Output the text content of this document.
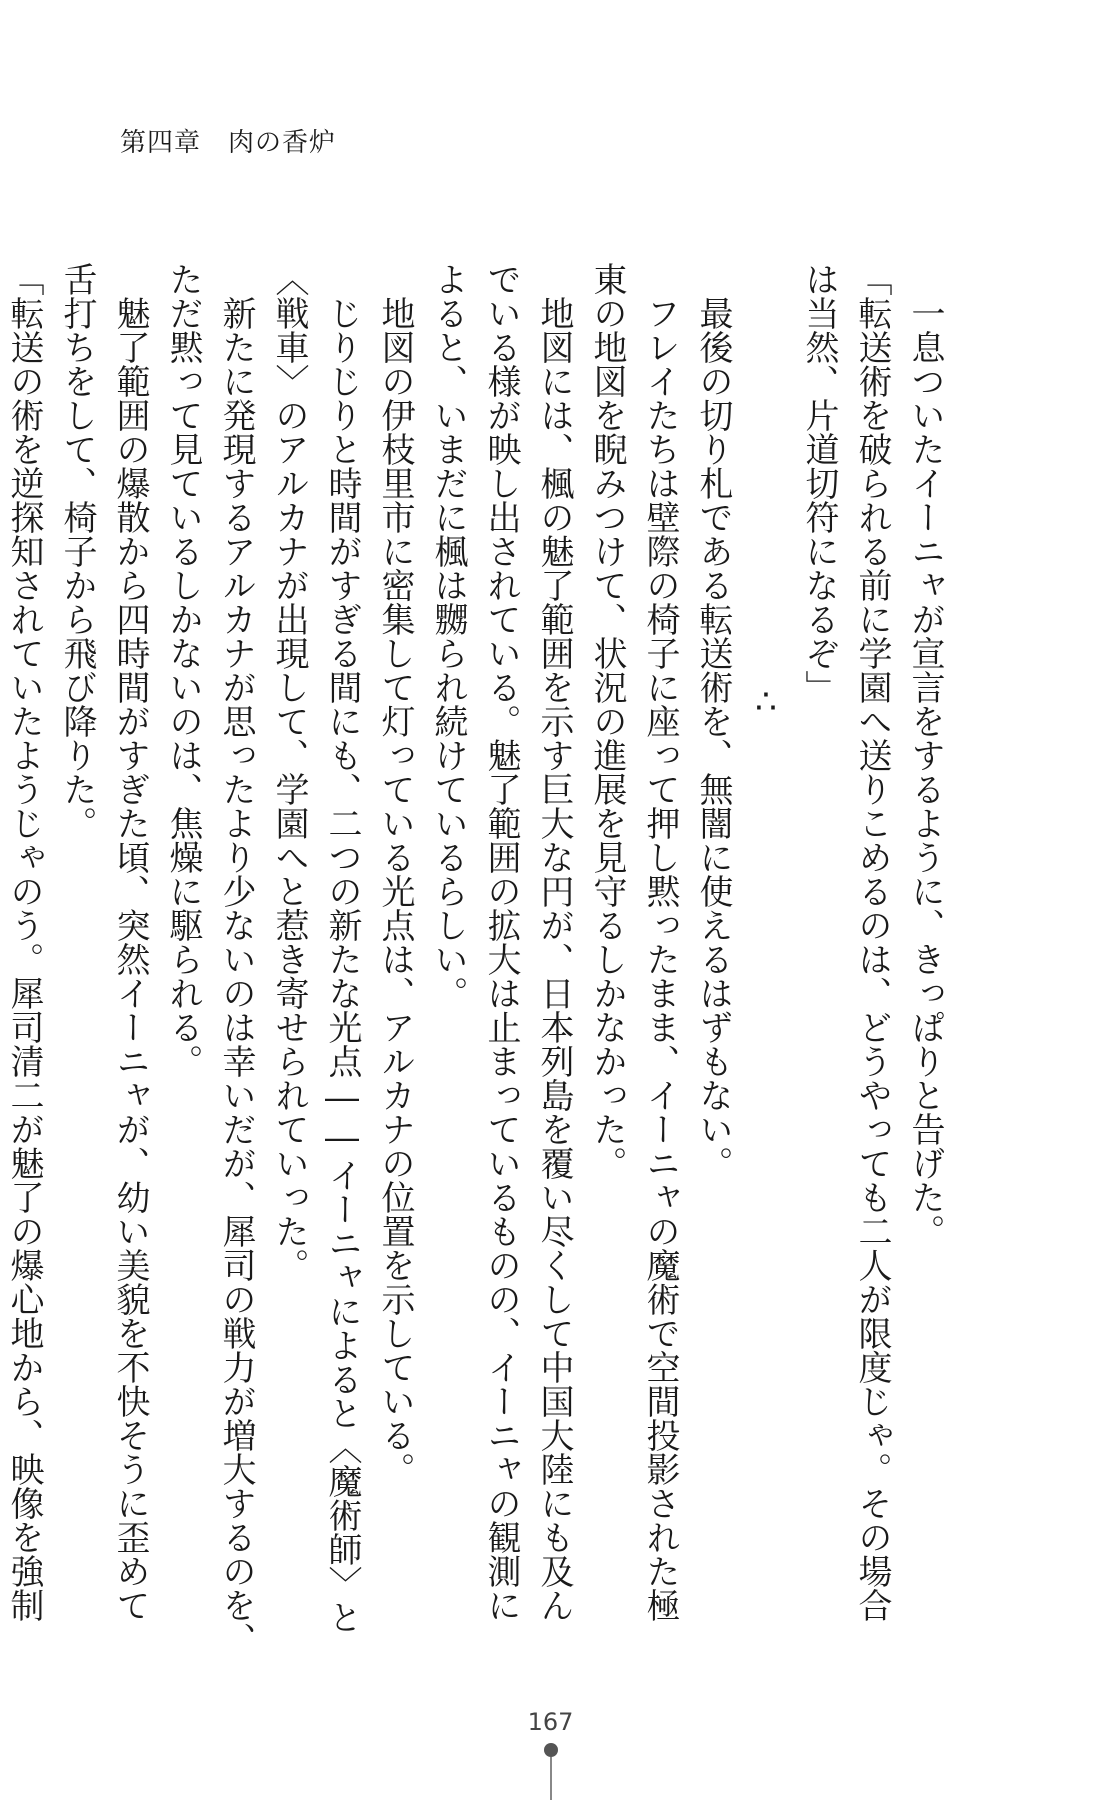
第四章　肉の香炉

　一息ついたイーニャが宣言をするように、きっぱりと告げた。

「転送術を破られる前に学園へ送りこめるのは、どうやっても二人が限度じゃ。その場合

は当然、片道切符になるぞ」

∴

　最後の切り札である転送術を、無闇に使えるはずもない。

　フレイたちは壁際の椅子に座って押し黙ったまま、イーニャの魔術で空間投影された極

東の地図を睨みつけて、状況の進展を見守るしかなかった。

　地図には、楓の魅了範囲を示す巨大な円が、日本列島を覆い尽くして中国大陸にも及ん

でいる様が映し出されている。魅了範囲の拡大は止まっているものの、イーニャの観測に

よると、いまだに楓は嬲られ続けているらしい。

　地図の伊枝里市に密集して灯っている光点は、アルカナの位置を示している。

　じりじりと時間がすぎる間にも、二つの新たな光点――イーニャによると〈魔術師〉と

〈戦車〉のアルカナが出現して、学園へと惹き寄せられていった。

　新たに発現するアルカナが思ったより少ないのは幸いだが、犀司の戦力が増大するのを、

ただ黙って見ているしかないのは、焦燥に駆られる。

　魅了範囲の爆散から四時間がすぎた頃、突然イーニャが、幼い美貌を不快そうに歪めて

舌打ちをして、椅子から飛び降りた。

「転送の術を逆探知されていたようじゃのう。犀司清二が魅了の爆心地から、映像を強制

167
